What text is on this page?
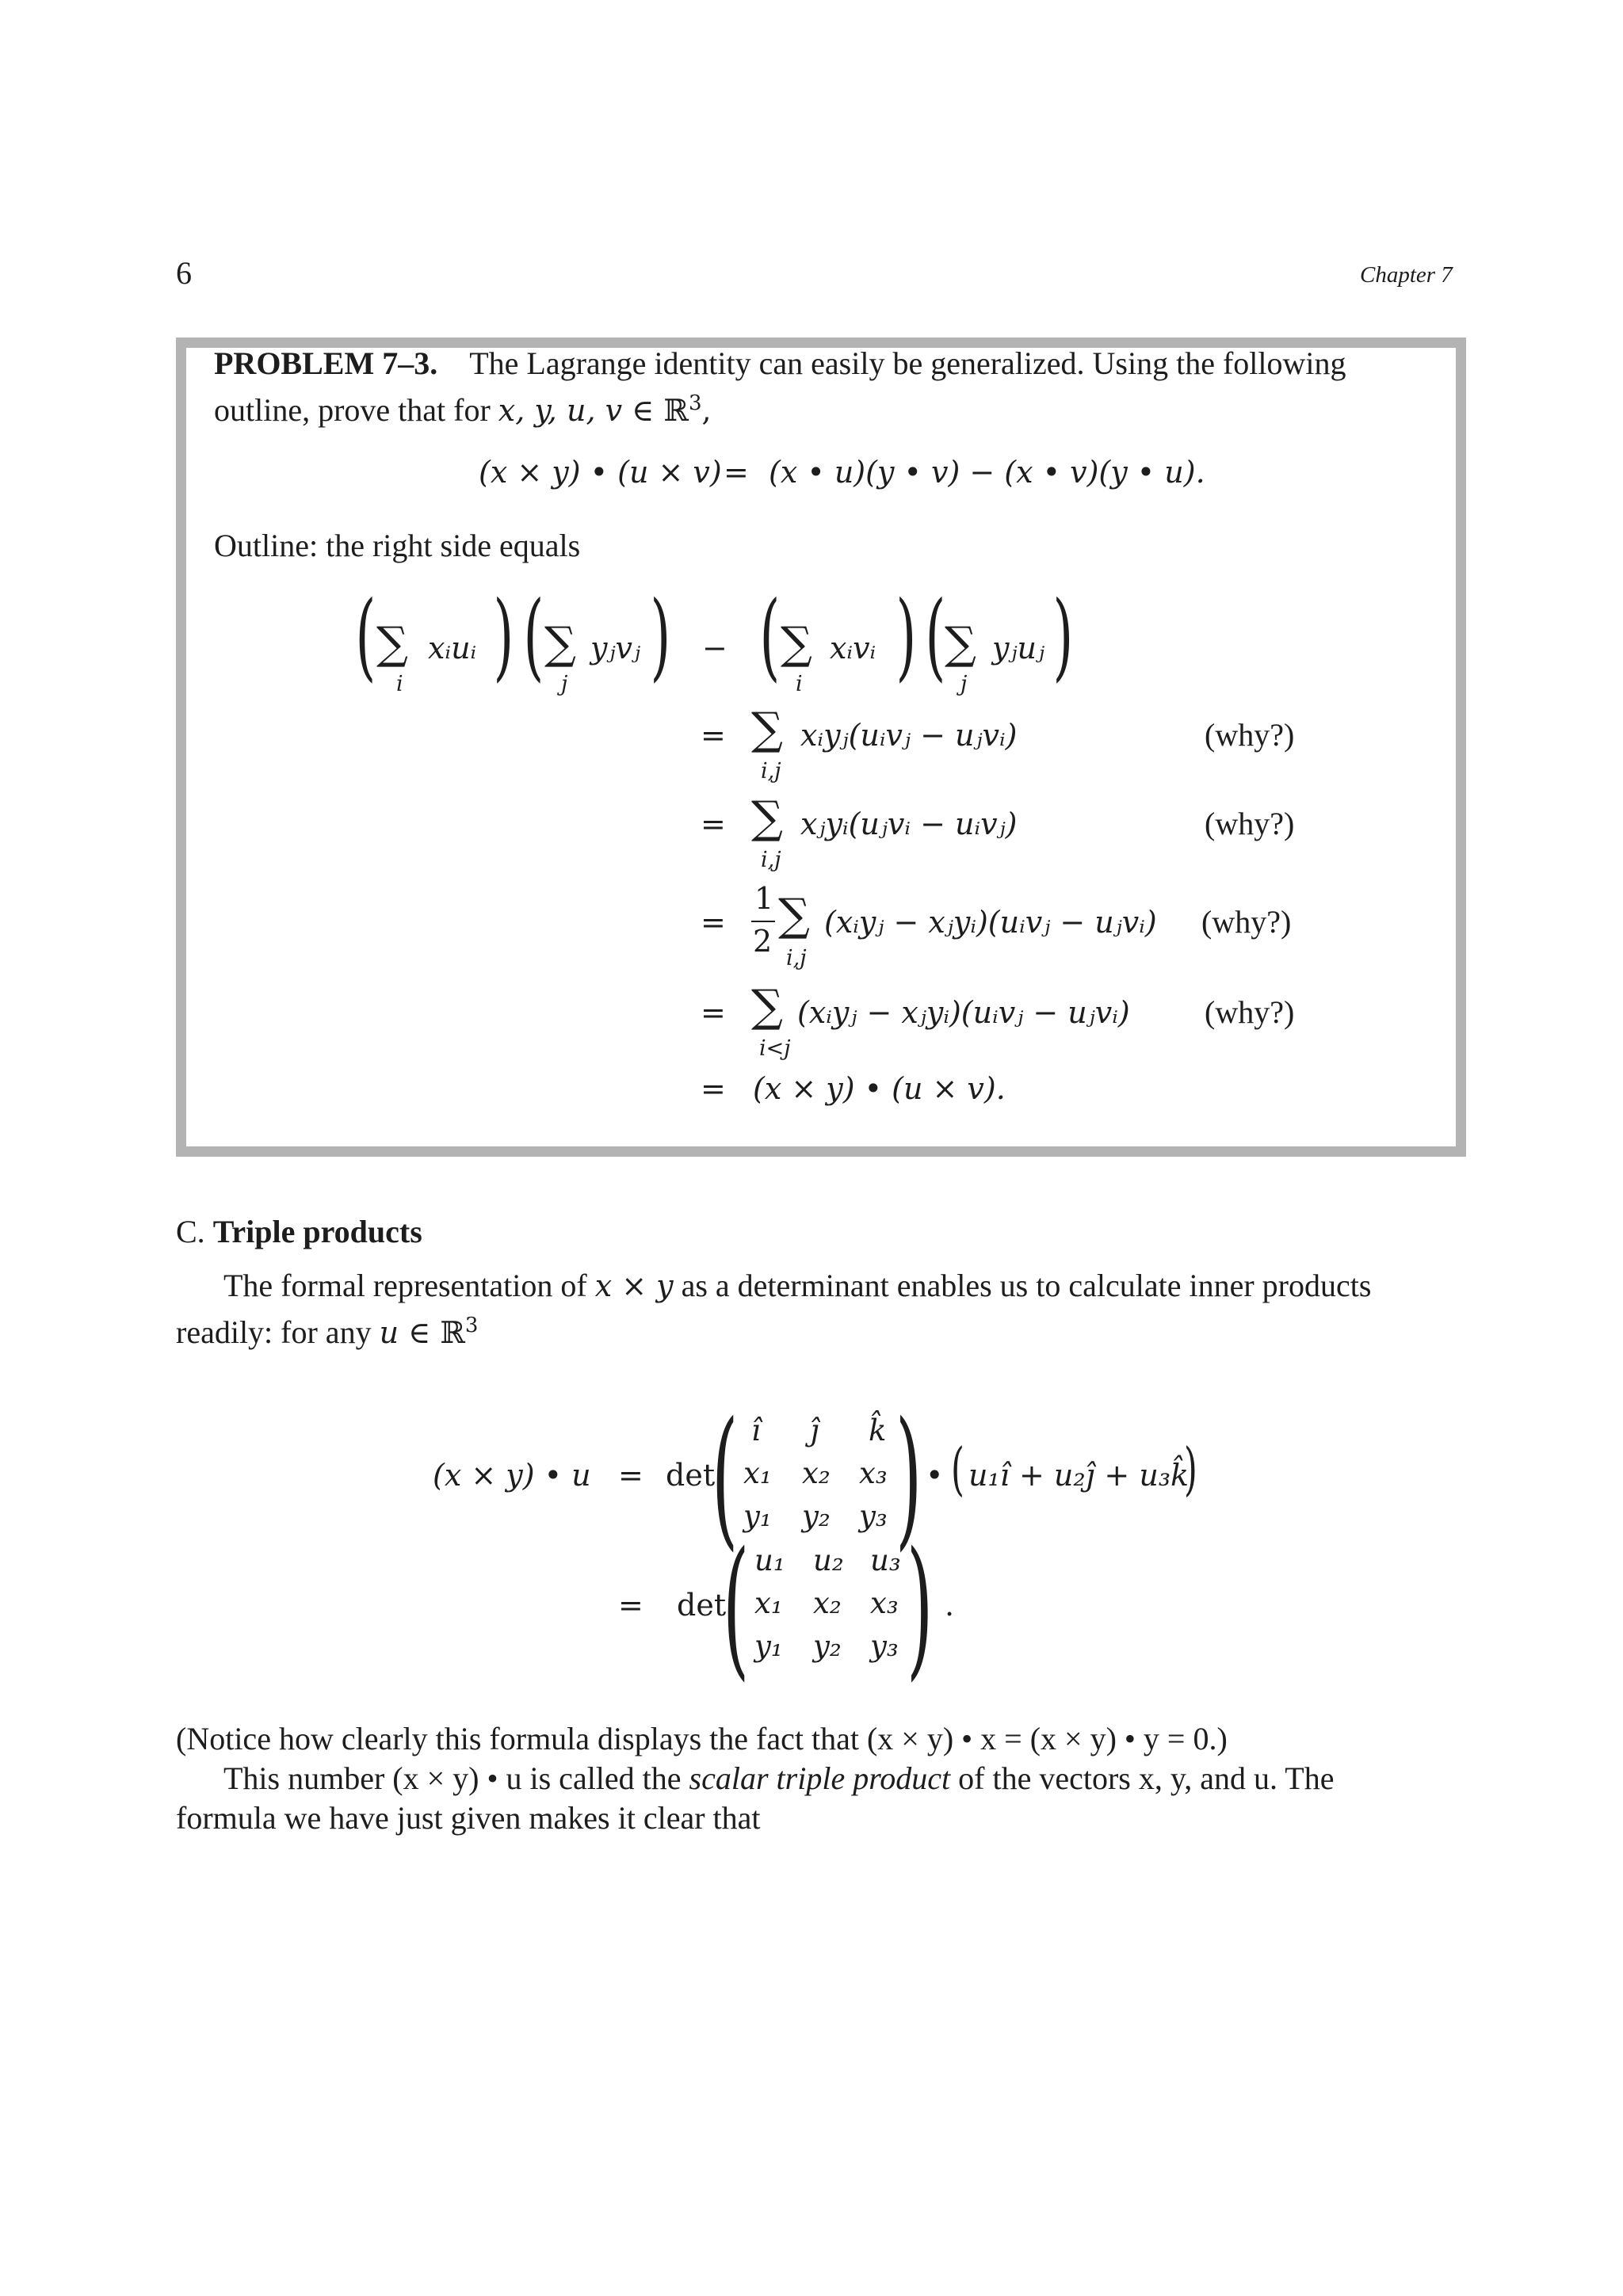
6	Chapter 7
PROBLEM 7–3. The Lagrange identity can easily be generalized. Using the following
outline, prove that for x, y, u, v ∈ ℝ$^3$,
(x × y) • (u × v) = (x • u)(y • v) − (x • v)(y • u).
Outline: the right side equals
( ∑ xᵢuᵢ
i ) ( ∑ yⱼvⱼ
j ) − ( ∑ xᵢvᵢ
i ) (
∑ yⱼuⱼ
j )
= ∑ xᵢyⱼ(uᵢvⱼ − uⱼvᵢ)
i,j
(why?)
= ∑ xⱼyᵢ(uⱼvᵢ − uᵢvⱼ)
i,j
(why?)
=
1
2 ∑ (xᵢyⱼ − xⱼyᵢ)(uᵢvⱼ − uⱼvᵢ)
i,j
(why?)
= ∑ (xᵢyⱼ − xⱼyᵢ)(uᵢvⱼ − uⱼvᵢ)
i<j
(why?)
= (x × y) • (u × v).
C. Triple products
The formal representation of x × y as a determinant enables us to calculate inner products
readily: for any u ∈ ℝ$^3$
(x × y) • u = det
( î ĵ k̂
x₁ x₂ x₃
y₁ y₂ y₃ ) • ( u₁î + u₂ĵ + u₃k̂
)
= det
( u₁ u₂ u₃
x₁ x₂ x₃
y₁ y₂ y₃ ) .
(Notice how clearly this formula displays the fact that (x × y) • x = (x × y) • y = 0.)
This number (x × y) • u is called the scalar triple product of the vectors x, y, and u. The
formula we have just given makes it clear that
